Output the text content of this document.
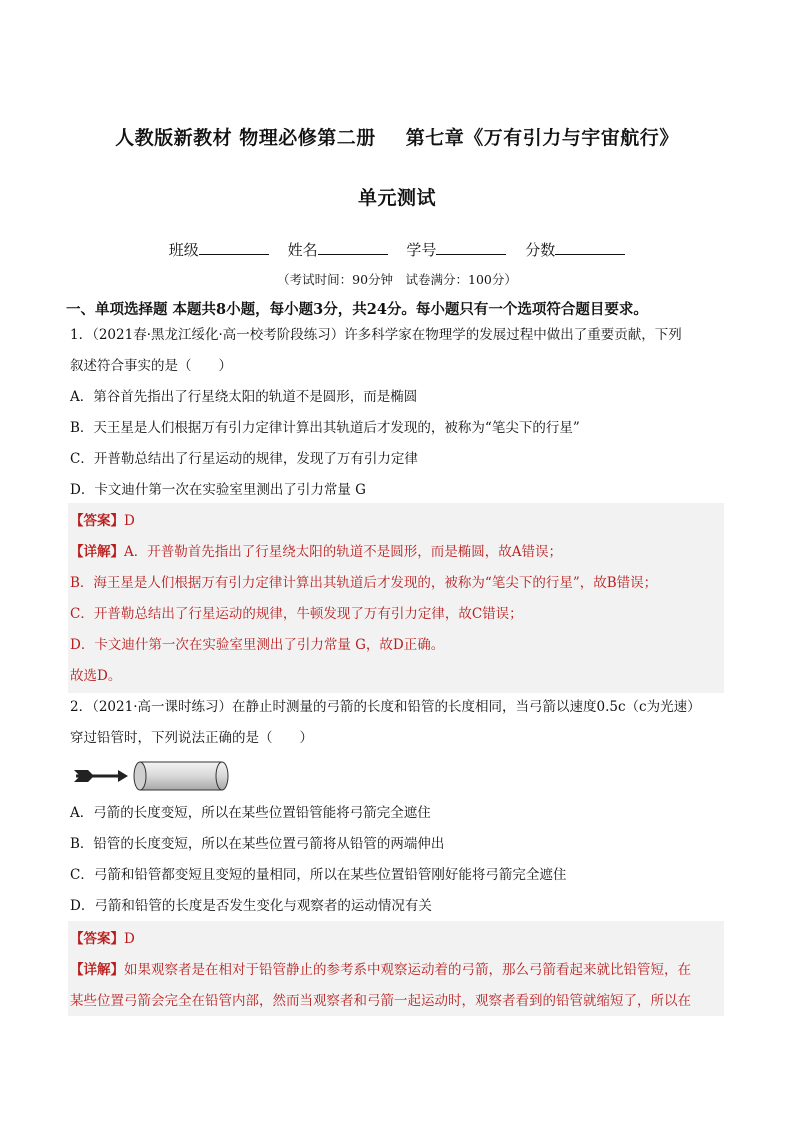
人教版新教材 物理必修第二册 第七章《万有引力与宇宙航行》
单元测试
班级	姓名	学号	分数
（考试时间：90分钟　试卷满分：100分）
一、单项选择题 本题共8小题，每小题3分，共24分。每小题只有一个选项符合题目要求。
1．（2021春·黑龙江绥化·高一校考阶段练习）许多科学家在物理学的发展过程中做出了重要贡献，下列
叙述符合事实的是（　　）
A．第谷首先指出了行星绕太阳的轨道不是圆形，而是椭圆
B．天王星是人们根据万有引力定律计算出其轨道后才发现的，被称为“笔尖下的行星”
C．开普勒总结出了行星运动的规律，发现了万有引力定律
D．卡文迪什第一次在实验室里测出了引力常量 G
【答案】D
【详解】A．开普勒首先指出了行星绕太阳的轨道不是圆形，而是椭圆，故A错误；
B．海王星是人们根据万有引力定律计算出其轨道后才发现的，被称为“笔尖下的行星”，故B错误；
C．开普勒总结出了行星运动的规律，牛顿发现了万有引力定律，故C错误；
D．卡文迪什第一次在实验室里测出了引力常量 G，故D正确。
故选D。
2．（2021·高一课时练习）在静止时测量的弓箭的长度和铅管的长度相同，当弓箭以速度0.5c（c为光速）
穿过铅管时，下列说法正确的是（　　）
A．弓箭的长度变短，所以在某些位置铅管能将弓箭完全遮住
B．铅管的长度变短，所以在某些位置弓箭将从铅管的两端伸出
C．弓箭和铅管都变短且变短的量相同，所以在某些位置铅管刚好能将弓箭完全遮住
D．弓箭和铅管的长度是否发生变化与观察者的运动情况有关
【答案】D
【详解】如果观察者是在相对于铅管静止的参考系中观察运动着的弓箭，那么弓箭看起来就比铅管短，在
某些位置弓箭会完全在铅管内部，然而当观察者和弓箭一起运动时，观察者看到的铅管就缩短了，所以在
